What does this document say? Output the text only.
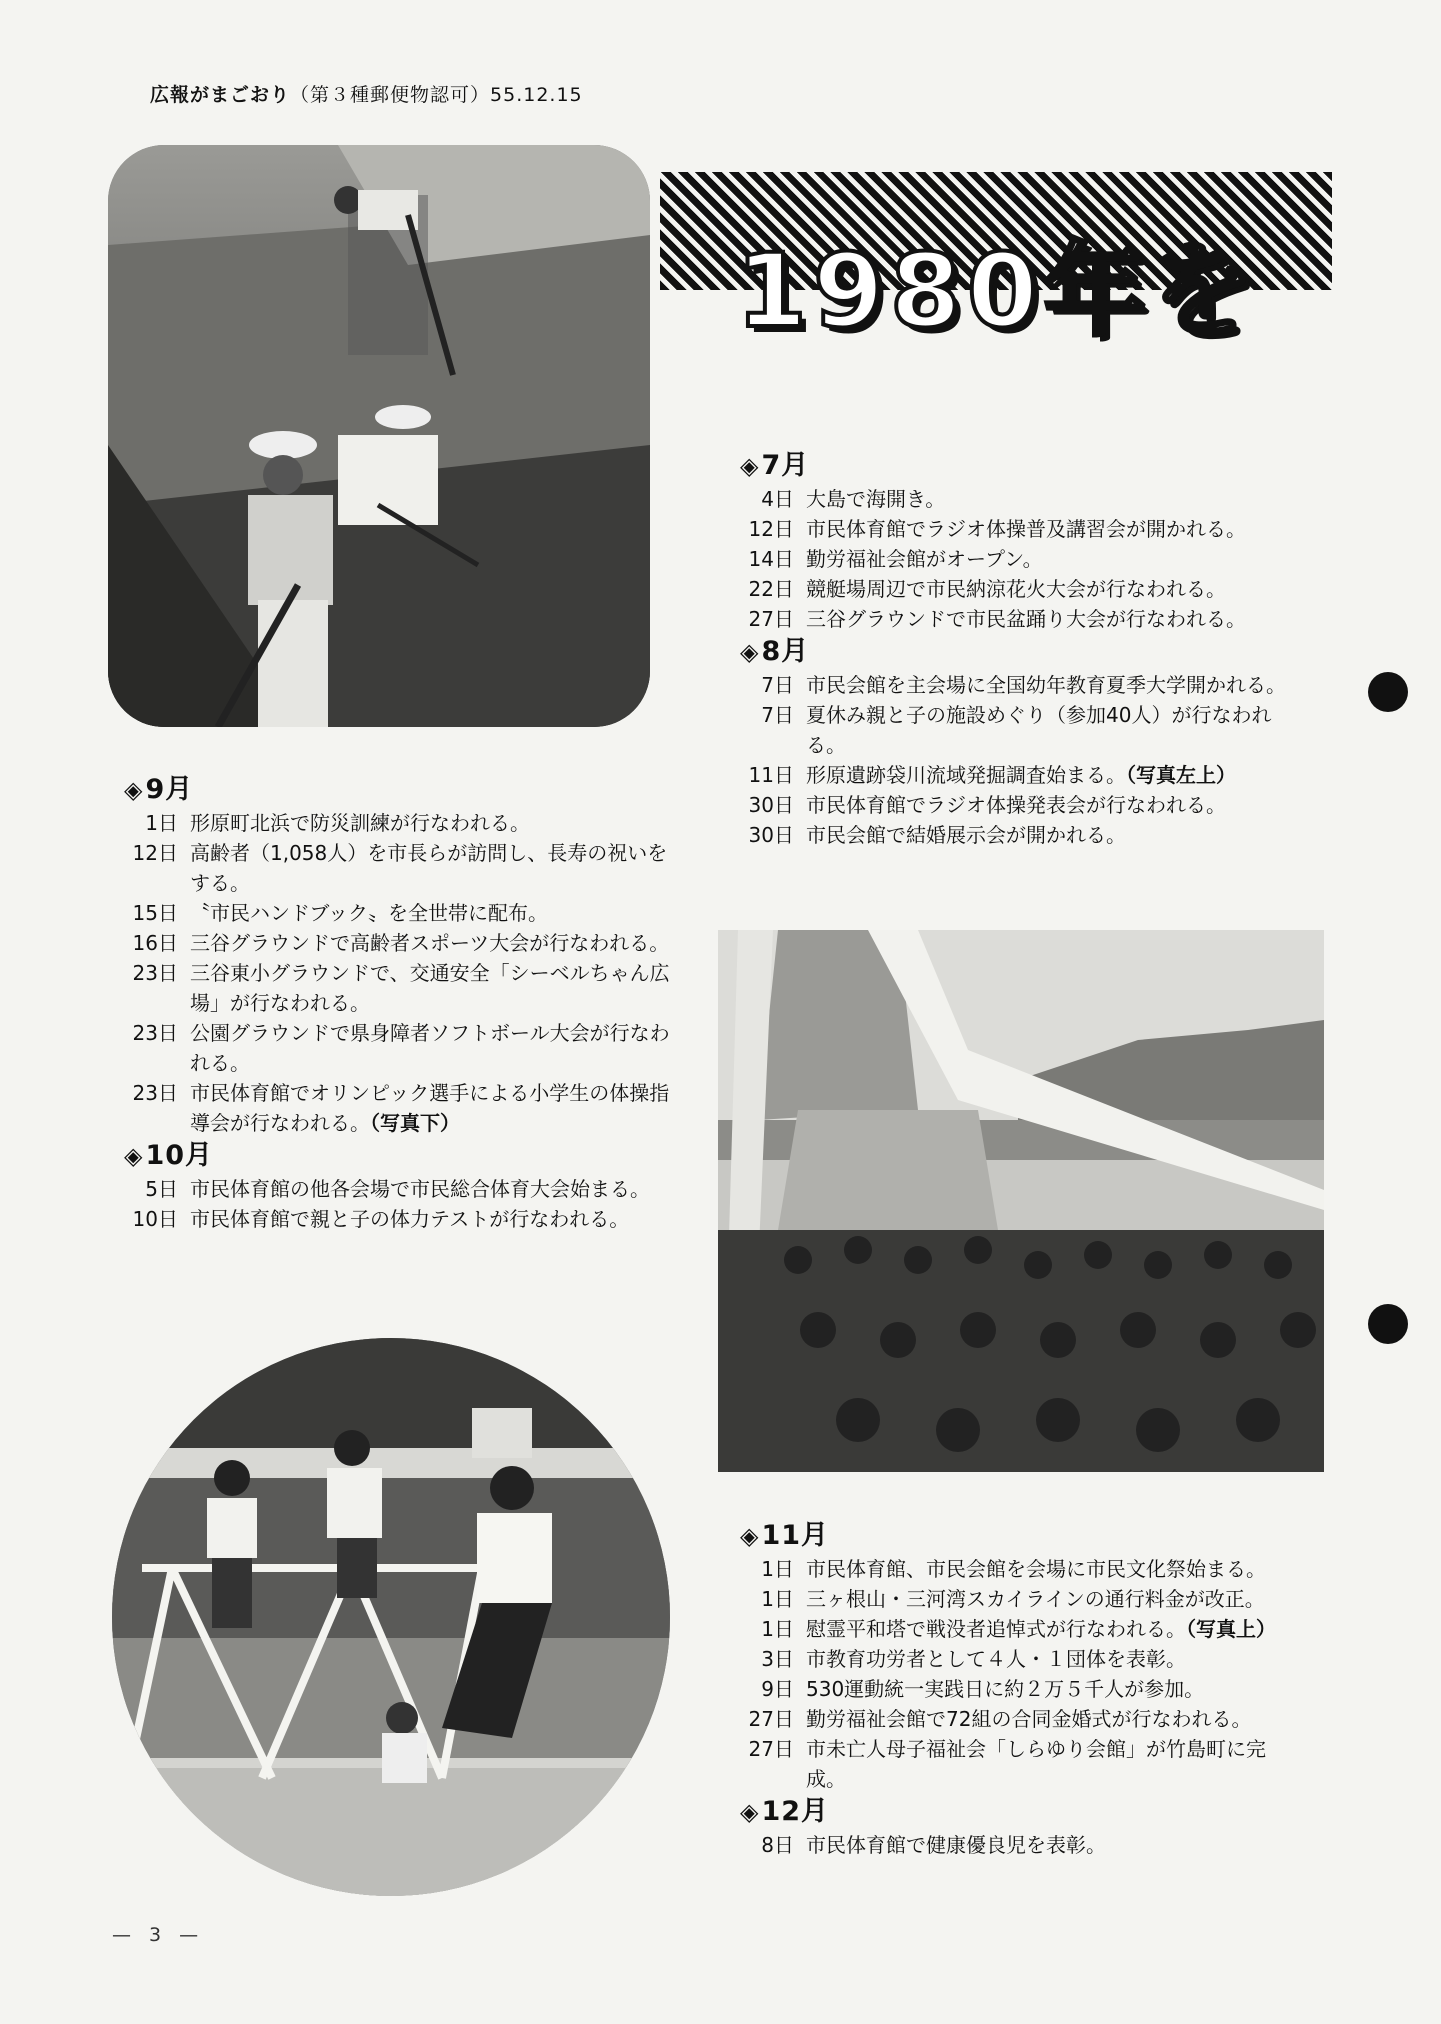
広報がまごおり（第３種郵便物認可）55.12.15
1980年を

◈7月

4日 大島で海開き。
12日 市民体育館でラジオ体操普及講習会が開かれる。
14日 勤労福祉会館がオープン。
22日 競艇場周辺で市民納涼花火大会が行なわれる。
27日 三谷グラウンドで市民盆踊り大会が行なわれる。

◈8月

7日 市民会館を主会場に全国幼年教育夏季大学開かれる。
7日 夏休み親と子の施設めぐり（参加40人）が行なわれる。
11日 形原遺跡袋川流域発掘調査始まる。（写真左上）
30日 市民体育館でラジオ体操発表会が行なわれる。
30日 市民会館で結婚展示会が開かれる。

◈9月

1日 形原町北浜で防災訓練が行なわれる。
12日 高齢者（1,058人）を市長らが訪問し、長寿の祝いをする。
15日 〝市民ハンドブック〟を全世帯に配布。
16日 三谷グラウンドで高齢者スポーツ大会が行なわれる。
23日 三谷東小グラウンドで、交通安全「シーベルちゃん広場」が行なわれる。
23日 公園グラウンドで県身障者ソフトボール大会が行なわれる。
23日 市民体育館でオリンピック選手による小学生の体操指導会が行なわれる。（写真下）

◈10月

5日 市民体育館の他各会場で市民総合体育大会始まる。
10日 市民体育館で親と子の体力テストが行なわれる。

◈11月

1日 市民体育館、市民会館を会場に市民文化祭始まる。
1日 三ヶ根山・三河湾スカイラインの通行料金が改正。
1日 慰霊平和塔で戦没者追悼式が行なわれる。（写真上）
3日 市教育功労者として４人・１団体を表彰。
9日 530運動統一実践日に約２万５千人が参加。
27日 勤労福祉会館で72組の合同金婚式が行なわれる。
27日 市未亡人母子福祉会「しらゆり会館」が竹島町に完成。

◈12月

8日 市民体育館で健康優良児を表彰。
— 3 —
